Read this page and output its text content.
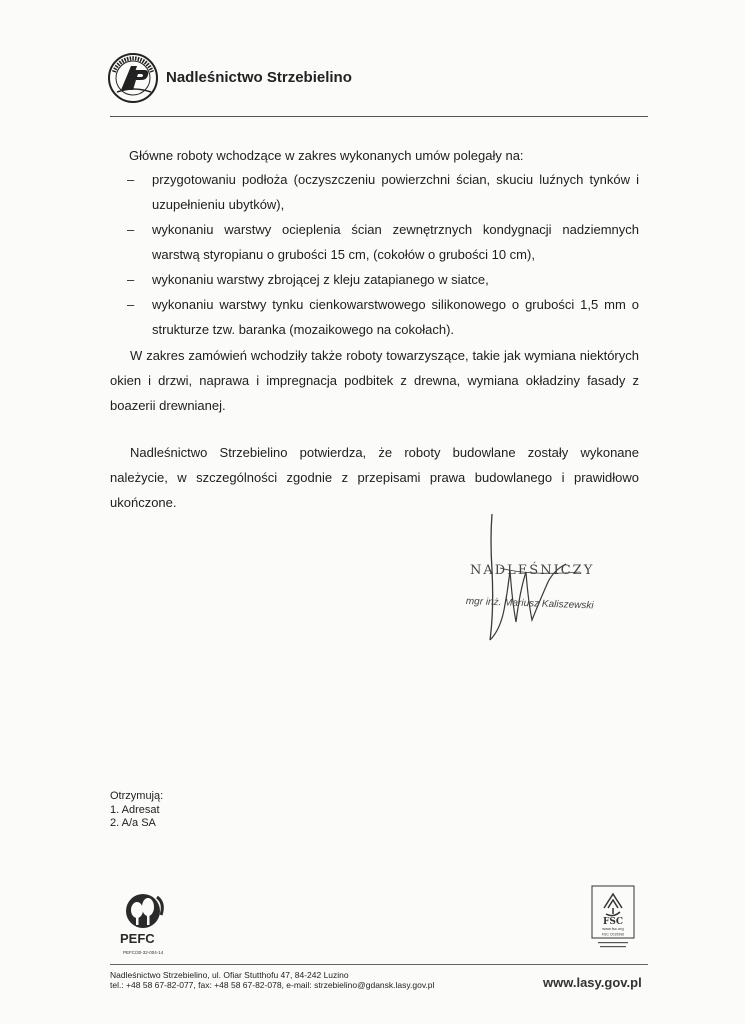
Nadleśnictwo Strzebielino
Główne roboty wchodzące w zakres wykonanych umów polegały na:
– przygotowaniu podłoża (oczyszczeniu powierzchni ścian, skuciu luźnych tynków i uzupełnieniu ubytków),
– wykonaniu warstwy ocieplenia ścian zewnętrznych kondygnacji nadziemnych warstwą styropianu o grubości 15 cm, (cokołów o grubości 10 cm),
– wykonaniu warstwy zbrojącej z kleju zatapianego w siatce,
– wykonaniu warstwy tynku cienkowarstwowego silikonowego o grubości 1,5 mm o strukturze tzw. baranka (mozaikowego na cokołach).
W zakres zamówień wchodziły także roboty towarzyszące, takie jak wymiana niektórych okien i drzwi, naprawa i impregnacja podbitek z drewna, wymiana okładziny fasady z boazerii drewnianej.
Nadleśnictwo Strzebielino potwierdza, że roboty budowlane zostały wykonane należycie, w szczególności zgodnie z przepisami prawa budowlanego i prawidłowo ukończone.
NADLEŚNICZY
mgr inż. Mariusz Kaliszewski
Otrzymują:
1. Adresat
2. A/a SA
PEFC
PEFC/30-32-004-14
FSC
www.fsc.org
FSC C010996
Nadleśnictwo Strzebielino, ul. Ofiar Stutthofu 47, 84-242 Luzino
tel.: +48 58 67-82-077, fax: +48 58 67-82-078, e-mail: strzebielino@gdansk.lasy.gov.pl	www.lasy.gov.pl
